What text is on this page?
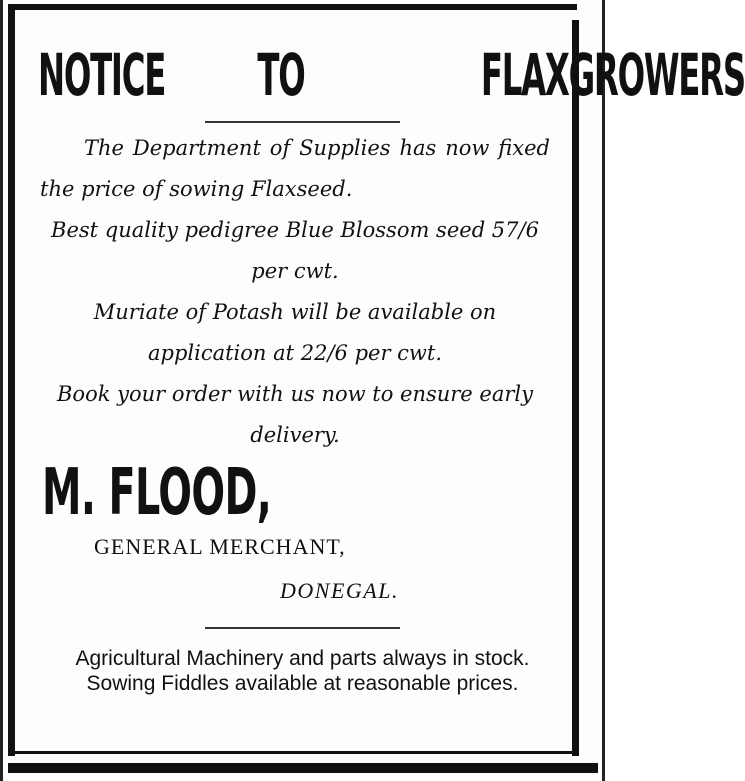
NOTICE TO	FLAXGROWERS

The Department of Supplies has now fixed the price of sowing Flaxseed.

Best quality pedigree Blue Blossom seed 57/6 per cwt.

Muriate of Potash will be available on application at 22/6 per cwt.

Book your order with us now to ensure early delivery.

M. FLOOD,
GENERAL MERCHANT,
DONEGAL.

Agricultural Machinery and parts always in stock. Sowing Fiddles available at reasonable prices.
